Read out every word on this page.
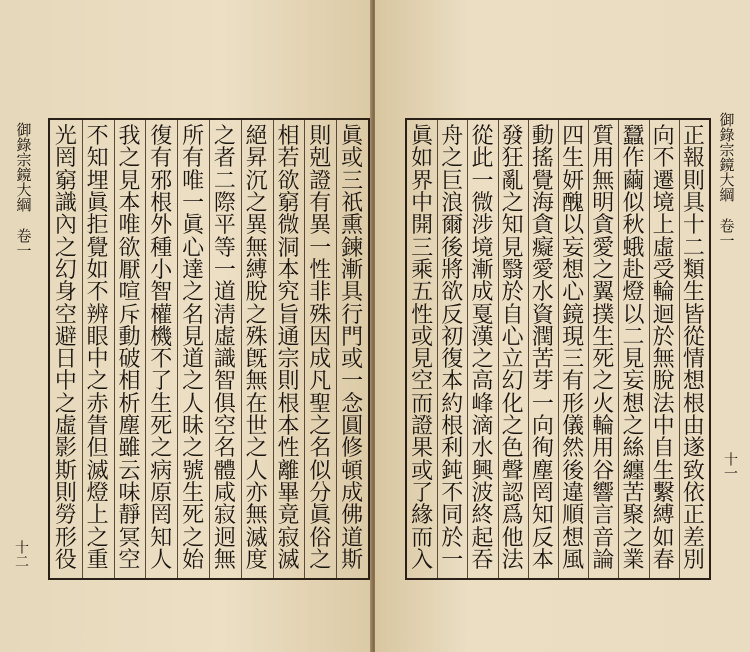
眞
或
三
祇
熏
鍊
漸
具
行
門
或
一
念
圓
修
頓
成
佛
道
斯
則
剋
證
有
異
一
性
非
殊
因
成
凡
聖
之
名
似
分
眞
俗
之
相
若
欲
窮
微
洞
本
究
旨
通
宗
則
根
本
性
離
畢
竟
寂
滅
絕
昇
沉
之
異
無
縛
脫
之
殊
旣
無
在
世
之
人
亦
無
滅
度
之
者
二
際
平
等
一
道
淸
虛
識
智
俱
空
名
體
咸
寂
迥
無
所
有
唯
一
眞
心
達
之
名
見
道
之
人
昧
之
號
生
死
之
始
復
有
邪
根
外
種
小
智
權
機
不
了
生
死
之
病
原
罔
知
人
我
之
見
本
唯
欲
厭
喧
斥
動
破
相
析
塵
雖
云
味
靜
冥
空
不
知
埋
眞
拒
覺
如
不
辨
眼
中
之
赤
眚
但
滅
燈
上
之
重
光
罔
窮
識
內
之
幻
身
空
避
日
中
之
虛
影
斯
則
勞
形
役
御錄宗鏡大綱
卷一
十二
正
報
則
具
十
二
類
生
皆
從
情
想
根
由
遂
致
依
正
差
別
向
不
遷
境
上
虛
受
輪
迴
於
無
脫
法
中
自
生
繫
縛
如
春
蠶
作
繭
似
秋
蛾
赴
燈
以
二
見
妄
想
之
絲
纏
苦
聚
之
業
質
用
無
明
貪
愛
之
翼
撲
生
死
之
火
輪
用
谷
響
言
音
論
四
生
妍
醜
以
妄
想
心
鏡
現
三
有
形
儀
然
後
違
順
想
風
動
搖
覺
海
貪
癡
愛
水
資
潤
苦
芽
一
向
徇
塵
罔
知
反
本
發
狂
亂
之
知
見
翳
於
自
心
立
幻
化
之
色
聲
認
爲
他
法
從
此
一
微
涉
境
漸
成
戛
漢
之
高
峰
滴
水
興
波
終
起
吞
舟
之
巨
浪
爾
後
將
欲
反
初
復
本
約
根
利
鈍
不
同
於
一
眞
如
界
中
開
三
乘
五
性
或
見
空
而
證
果
或
了
緣
而
入
御錄宗鏡大綱
卷一
十一
